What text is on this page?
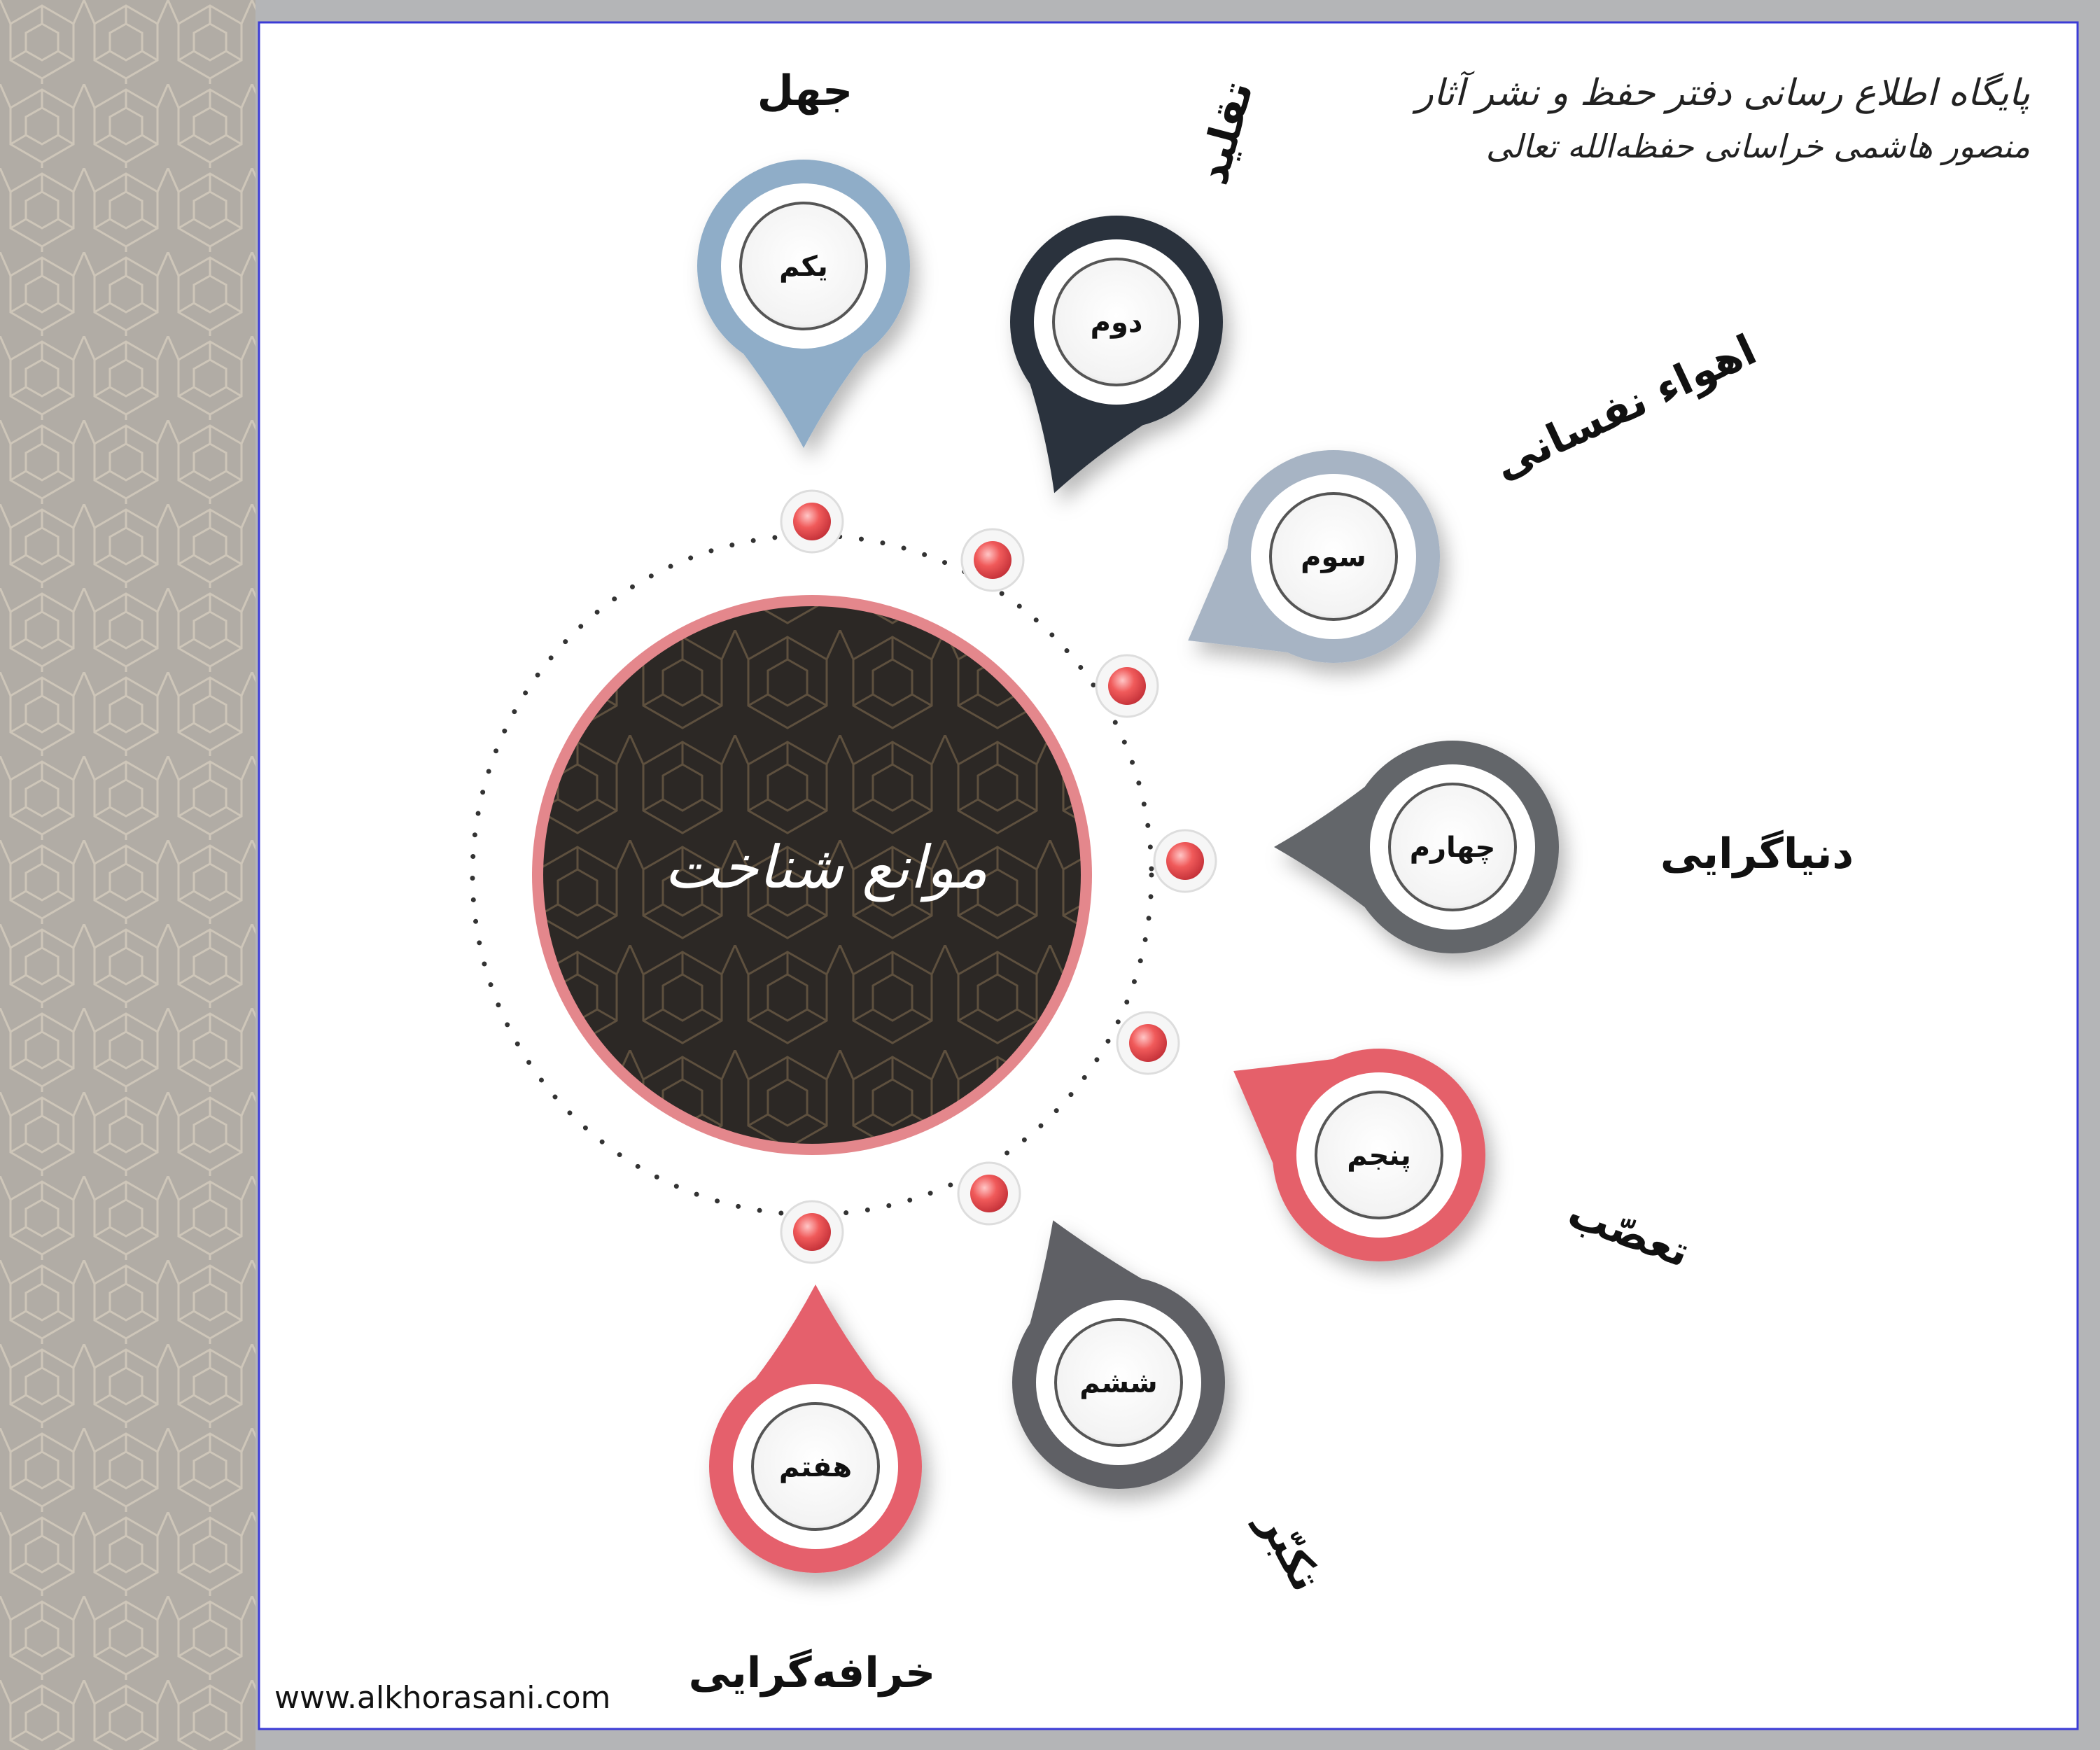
پایگاه اطلاع رسانی دفتر حفظ و نشر آثار
منصور هاشمی خراسانی حفظه‌الله تعالی
موانع شناخت
یکم
جهل
دوم
تقلید
سوم
اهواء نفسانی
چهارم	دنیاگرایی
پنجم
تعصّب
ششم
تکبّر
هفتم
خرافه‌گرایی
www.alkhorasani.com
